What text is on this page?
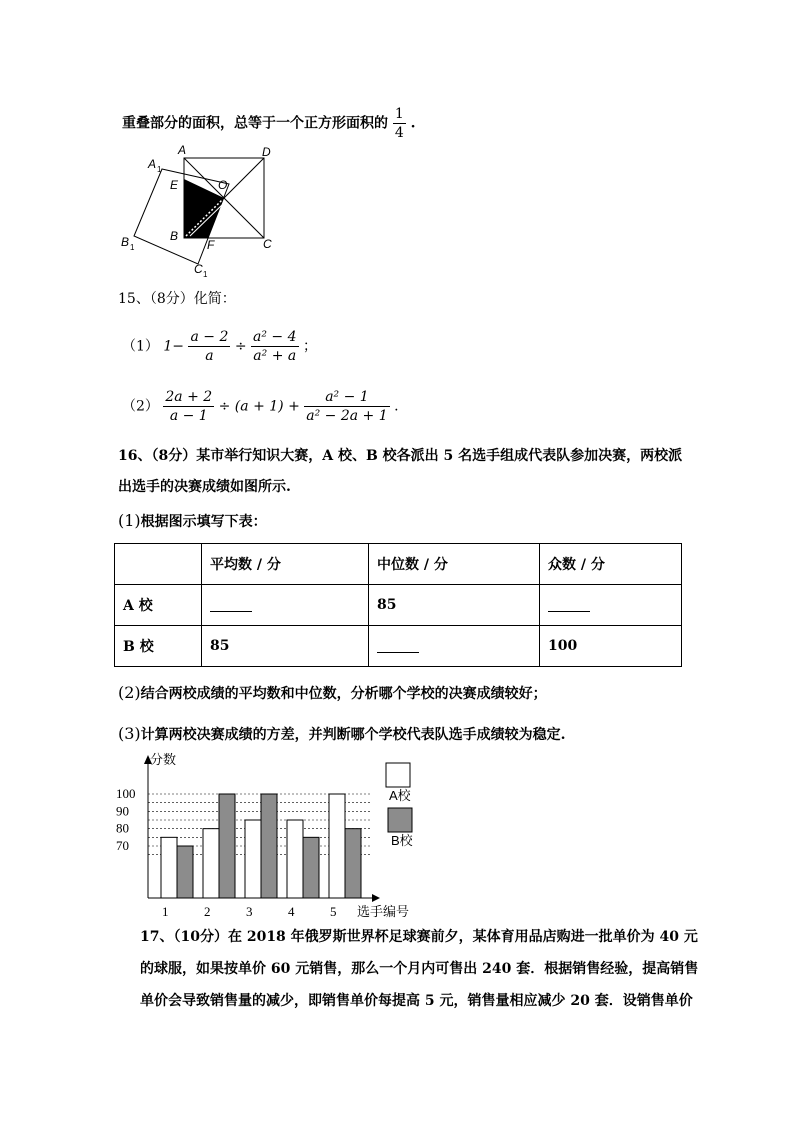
重叠部分的面积，总等于一个正方形面积的 $\frac{1}{4}$ .
A	D
A 1
E	O
B
F	C
B 1
C 1
15、（8分）化简：
（1） $1- \frac{a - 2}{a} \div \frac{\text{a² − 4}}{\text{a² + a}}$ ；
$(2) \frac{2a + 2}{a - 1} \div (a + 1) + \frac{\text{a² − 1}}{\text{a² − 2a + 1}}$ .
16、（8分）某市举行知识大赛，A 校、B 校各派出 5 名选手组成代表队参加决赛，两校派
出选手的决赛成绩如图所示.
(1)根据图示填写下表：
	平均数 / 分	中位数 / 分	众数 / 分
A 校		85	
B 校	85		100
(2)结合两校成绩的平均数和中位数，分析哪个学校的决赛成绩较好；
(3)计算两校决赛成绩的方差，并判断哪个学校代表队选手成绩较为稳定.
70
80
90
100
1	2	3	4	5
分数
选手编号
A校
B校
17、（10分）在 2018 年俄罗斯世界杯足球赛前夕，某体育用品店购进一批单价为 40 元
的球服，如果按单价 60 元销售，那么一个月内可售出 240 套．根据销售经验，提高销售
单价会导致销售量的减少，即销售单价每提高 5 元，销售量相应减少 20 套．设销售单价
